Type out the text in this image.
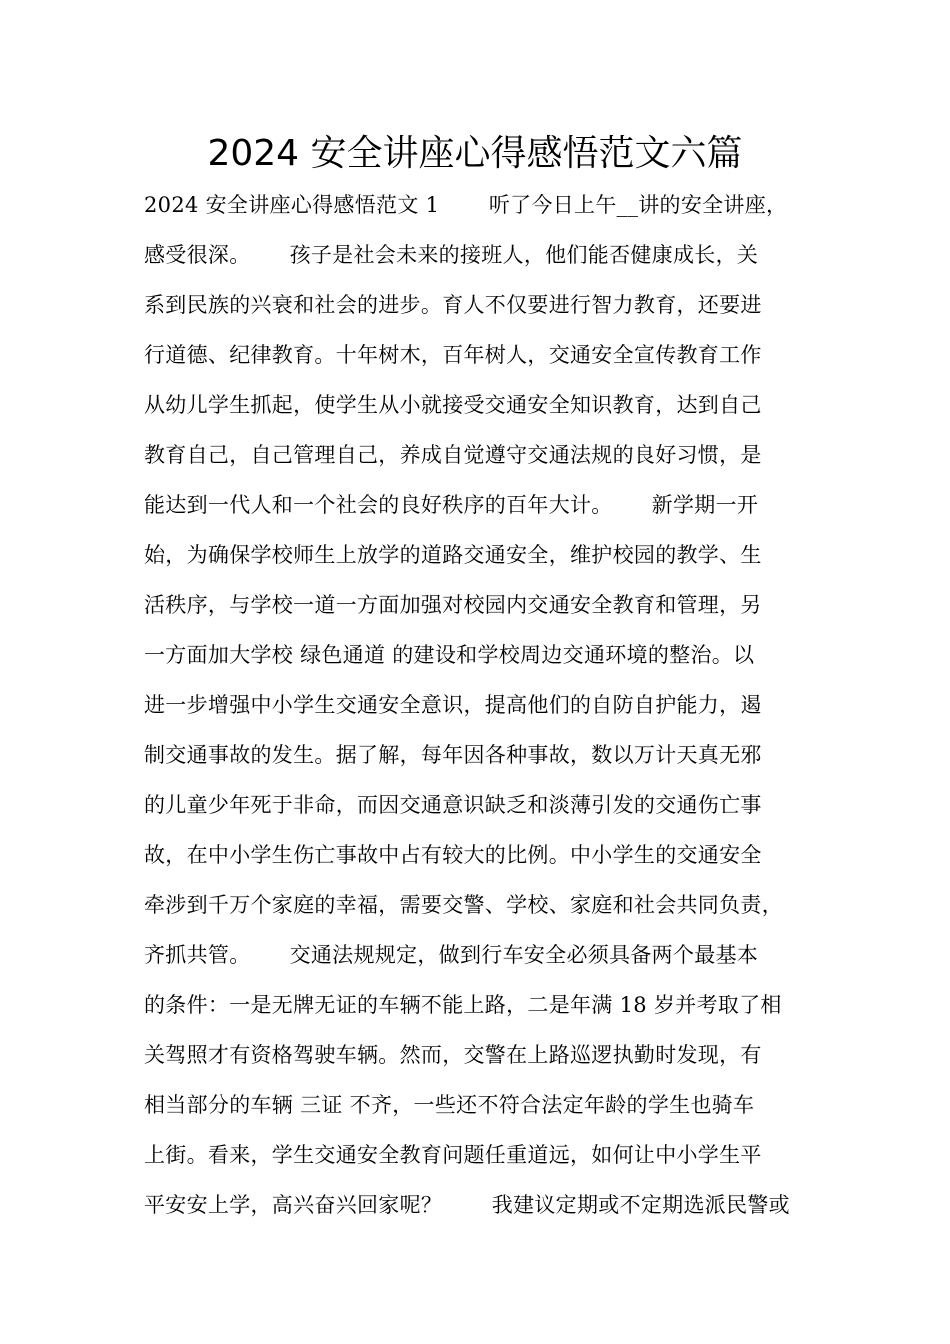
2024 安全讲座心得感悟范文六篇
2024 安全讲座心得感悟范文 1　　 听了今日上午__讲的安全讲座，
感受很深。　　 孩子是社会未来的接班人，他们能否健康成长，关
系到民族的兴衰和社会的进步。育人不仅要进行智力教育，还要进
行道德、纪律教育。十年树木，百年树人，交通安全宣传教育工作
从幼儿学生抓起，使学生从小就接受交通安全知识教育，达到自己
教育自己，自己管理自己，养成自觉遵守交通法规的良好习惯，是
能达到一代人和一个社会的良好秩序的百年大计。　　 新学期一开
始，为确保学校师生上放学的道路交通安全，维护校园的教学、生
活秩序，与学校一道一方面加强对校园内交通安全教育和管理，另
一方面加大学校 绿色通道 的建设和学校周边交通环境的整治。以
进一步增强中小学生交通安全意识，提高他们的自防自护能力，遏
制交通事故的发生。据了解，每年因各种事故，数以万计天真无邪
的儿童少年死于非命，而因交通意识缺乏和淡薄引发的交通伤亡事
故，在中小学生伤亡事故中占有较大的比例。中小学生的交通安全
牵涉到千万个家庭的幸福，需要交警、学校、家庭和社会共同负责，
齐抓共管。　　 交通法规规定，做到行车安全必须具备两个最基本
的条件：一是无牌无证的车辆不能上路，二是年满 18 岁并考取了相
关驾照才有资格驾驶车辆。然而，交警在上路巡逻执勤时发现，有
相当部分的车辆 三证 不齐，一些还不符合法定年龄的学生也骑车
上街。看来，学生交通安全教育问题任重道远，如何让中小学生平
平安安上学，高兴奋兴回家呢？　　 我建议定期或不定期选派民警或
